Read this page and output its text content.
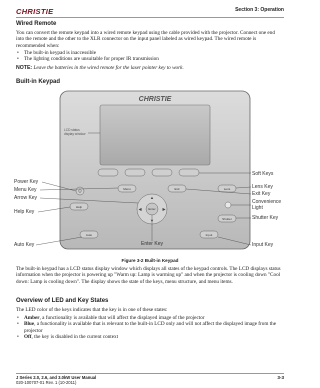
CHRISTIE	Section 3: Operation
Wired Remote

You can convert the remote keypad into a wired remote keypad using the cable provided with the projector. Connect one end into the remote and the other to the XLR connector on the input panel labeled as wired keypad. The wired remote is recommended when:

• The built-in keypad is inaccessible
• The lighting conditions are unsuitable for proper IR transmission
NOTE: Leave the batteries in the wired remote for the laser pointer key to work.
Built-in Keypad
CHRISTIE
LCD status
display window
⏻	Menu	Exit	Lens
Enter
▲
▼
◀	▶
Help
Shutter
Auto	Input
Power Key
Menu Key
Arrow Key
Help Key
Auto Key
Soft Keys
Lens Key
Exit Key
Convenience
Light
Shutter Key
Input Key
Enter Key
Figure 3-2 Built-in Keypad

The built-in keypad has a LCD status display window which displays all states of the keypad controls. The LCD displays status information when the projector is powering up "Warm up: Lamp is warming up" and when the projector is cooling down "Cool down: Lamp is cooling down". The display shows the state of the keys, menu structure, and menu items.

Overview of LED and Key States

The LED color of the keys indicates that the key is in one of these states:

• Amber, a functionality is available that will affect the displayed image of the projector
• Blue, a functionality is available that is relevant to the built-in LCD only and will not affect the displayed image from the projector
• Off, the key is disabled in the current context
J Series 2.0, 2.6, and 3.0kW User Manual
020-100707-01 Rev. 1 (10-2011)
3-3
